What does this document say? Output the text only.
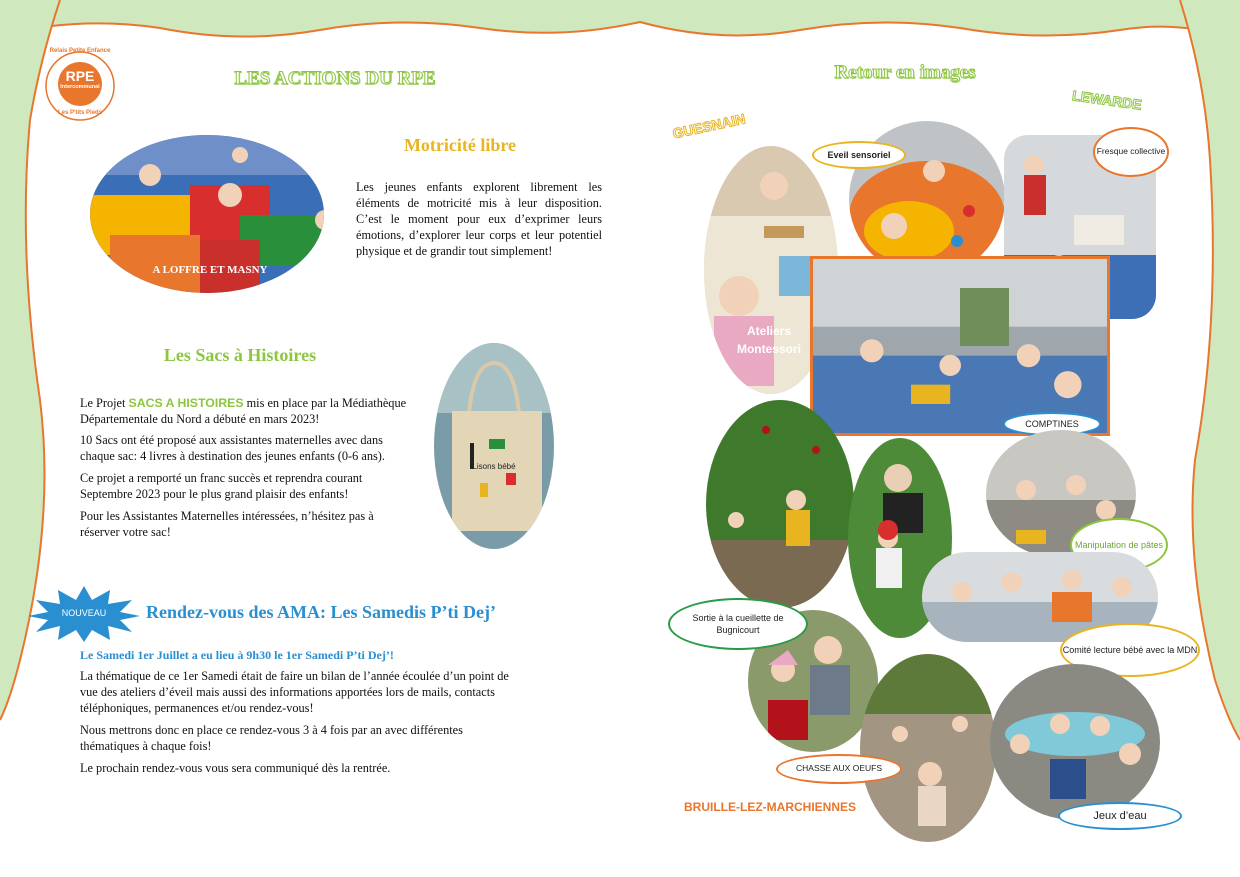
RPE
Intercommunal
Relais Petite Enfance
Les P'tits Pieds
LES ACTIONS DU RPE
A LOFFRE ET MASNY
Motricité libre
Les jeunes enfants explorent librement les éléments de motricité mis à leur disposition. C’est le moment pour eux d’exprimer leurs émotions, d’explorer leur corps et leur potentiel physique et de grandir tout simplement!
Les Sacs à Histoires
Le Projet SACS A HISTOIRES mis en place par la Médiathèque Départementale du Nord a débuté en mars 2023!
10 Sacs ont été proposé aux assistantes maternelles avec dans chaque sac: 4 livres à destination des jeunes enfants (0-6 ans).
Ce projet a remporté un franc succès et reprendra courant Septembre 2023 pour le plus grand plaisir des enfants!
Pour les Assistantes Maternelles intéressées, n’hésitez pas à réserver votre sac!
Lisons bébé
NOUVEAU	Rendez-vous des AMA: Les Samedis P’ti Dej’
Le Samedi 1er Juillet a eu lieu à 9h30 le 1er Samedi P’ti Dej’!
La thématique de ce 1er Samedi était de faire un bilan de l’année écoulée d’un point de vue des ateliers d’éveil mais aussi des informations apportées lors de mails, contacts téléphoniques, permanences et/ou rendez-vous!
Nous mettrons donc en place ce rendez-vous 3 à 4 fois par an avec différentes thématiques à chaque fois!
Le prochain rendez-vous vous sera communiqué dès la rentrée.
Retour en images
GUESNAIN
LEWARDE
Ateliers Montessori
Eveil sensoriel	Fresque collective
COMPTINES
Manipulation de pâtes
Comité lecture bébé avec la MDN
Sortie à la cueillette de Bugnicourt
CHASSE AUX OEUFS
Jeux d’eau
BRUILLE-LEZ-MARCHIENNES
